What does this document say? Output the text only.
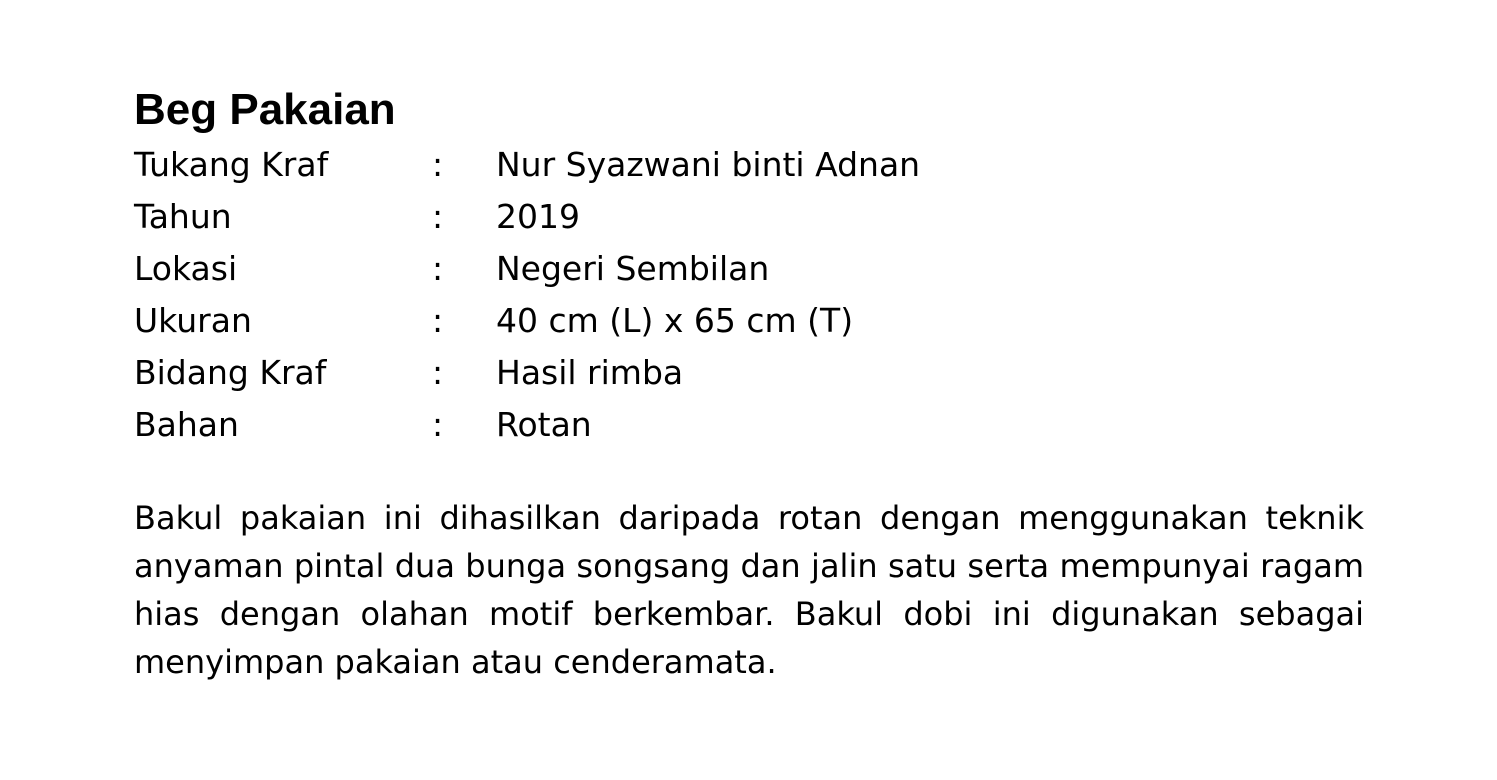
Beg Pakaian
Tukang Kraf	:	Nur Syazwani binti Adnan
Tahun	:	2019
Lokasi	:	Negeri Sembilan
Ukuran	:	40 cm (L) x 65 cm (T)
Bidang Kraf	:	Hasil rimba
Bahan	:	Rotan

Bakul pakaian ini dihasilkan daripada rotan dengan menggunakan teknik anyaman pintal dua bunga songsang dan jalin satu serta mempunyai ragam hias dengan olahan motif berkembar. Bakul dobi ini digunakan sebagai menyimpan pakaian atau cenderamata.
